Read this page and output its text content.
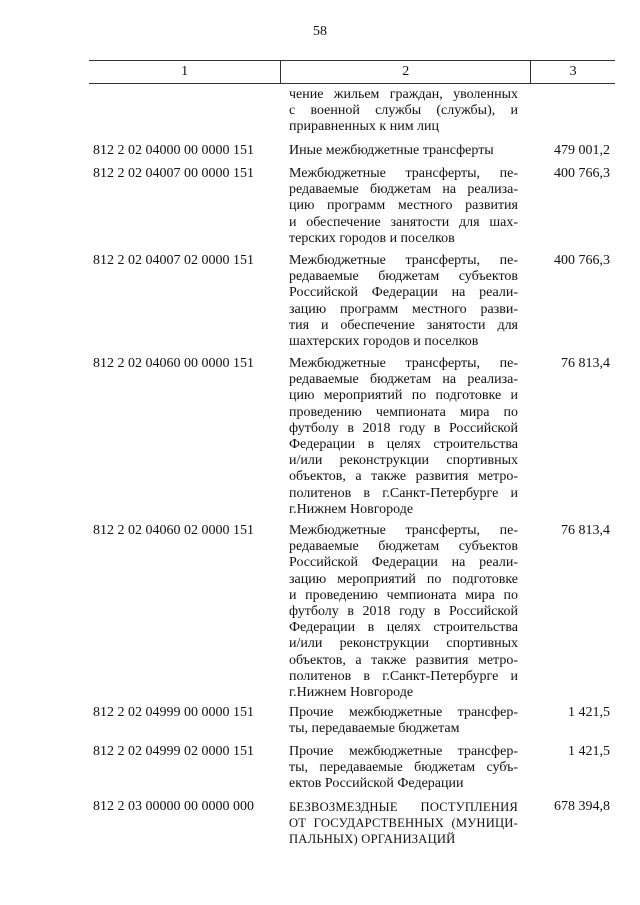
58
1	2	3
чение жильем граждан, уволенных
с военной службы (службы), и
приравненных к ним лиц
812 2 02 04000 00 0000 151	Иные межбюджетные трансферты	479 001,2
812 2 02 04007 00 0000 151	Межбюджетные трансферты, пе-
редаваемые бюджетам на реализа-
цию программ местного развития
и обеспечение занятости для шах-
терских городов и поселков
400 766,3
812 2 02 04007 02 0000 151	Межбюджетные трансферты, пе-
редаваемые бюджетам субъектов
Российской Федерации на реали-
зацию программ местного разви-
тия и обеспечение занятости для
шахтерских городов и поселков
400 766,3
812 2 02 04060 00 0000 151	Межбюджетные трансферты, пе-
редаваемые бюджетам на реализа-
цию мероприятий по подготовке и
проведению чемпионата мира по
футболу в 2018 году в Российской
Федерации в целях строительства
и/или реконструкции спортивных
объектов, а также развития метро-
политенов в г.Санкт-Петербурге и
г.Нижнем Новгороде
76 813,4
812 2 02 04060 02 0000 151	Межбюджетные трансферты, пе-
редаваемые бюджетам субъектов
Российской Федерации на реали-
зацию мероприятий по подготовке
и проведению чемпионата мира по
футболу в 2018 году в Российской
Федерации в целях строительства
и/или реконструкции спортивных
объектов, а также развития метро-
политенов в г.Санкт-Петербурге и
г.Нижнем Новгороде
76 813,4
812 2 02 04999 00 0000 151	Прочие межбюджетные трансфер-
ты, передаваемые бюджетам
1 421,5
812 2 02 04999 02 0000 151	Прочие межбюджетные трансфер-
ты, передаваемые бюджетам субъ-
ектов Российской Федерации
1 421,5
812 2 03 00000 00 0000 000	БЕЗВОЗМЕЗДНЫЕ ПОСТУПЛЕНИЯ
ОТ ГОСУДАРСТВЕННЫХ (МУНИЦИ-
ПАЛЬНЫХ) ОРГАНИЗАЦИЙ
678 394,8
